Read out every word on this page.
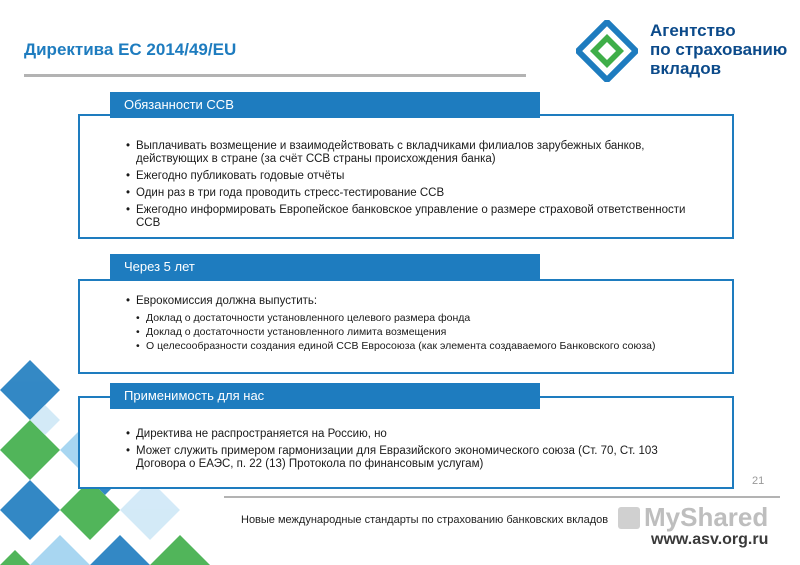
Директива ЕС 2014/49/EU
Агентство
по страхованию
вкладов
• Выплачивать возмещение и взаимодействовать с вкладчиками филиалов зарубежных банков, действующих в стране (за счёт ССВ страны происхождения банка)
• Ежегодно публиковать годовые отчёты
• Один раз в три года проводить стресс-тестирование ССВ
• Ежегодно информировать Европейское банковское управление о размере страховой ответственности ССВ
Обязанности ССВ
• Еврокомиссия должна выпустить:
• Доклад о достаточности установленного целевого размера фонда
• Доклад о достаточности установленного лимита возмещения
• О целесообразности создания единой ССВ Евросоюза (как элемента создаваемого Банковского союза)
Через 5 лет
• Директива не распространяется на Россию, но
• Может служить примером гармонизации для Евразийского экономического союза (Ст. 70, Ст. 103 Договора о ЕАЭС, п. 22 (13) Протокола по финансовым услугам)
Применимость для нас
21
Новые международные стандарты по страхованию банковских вкладов	MyShared
www.asv.org.ru
